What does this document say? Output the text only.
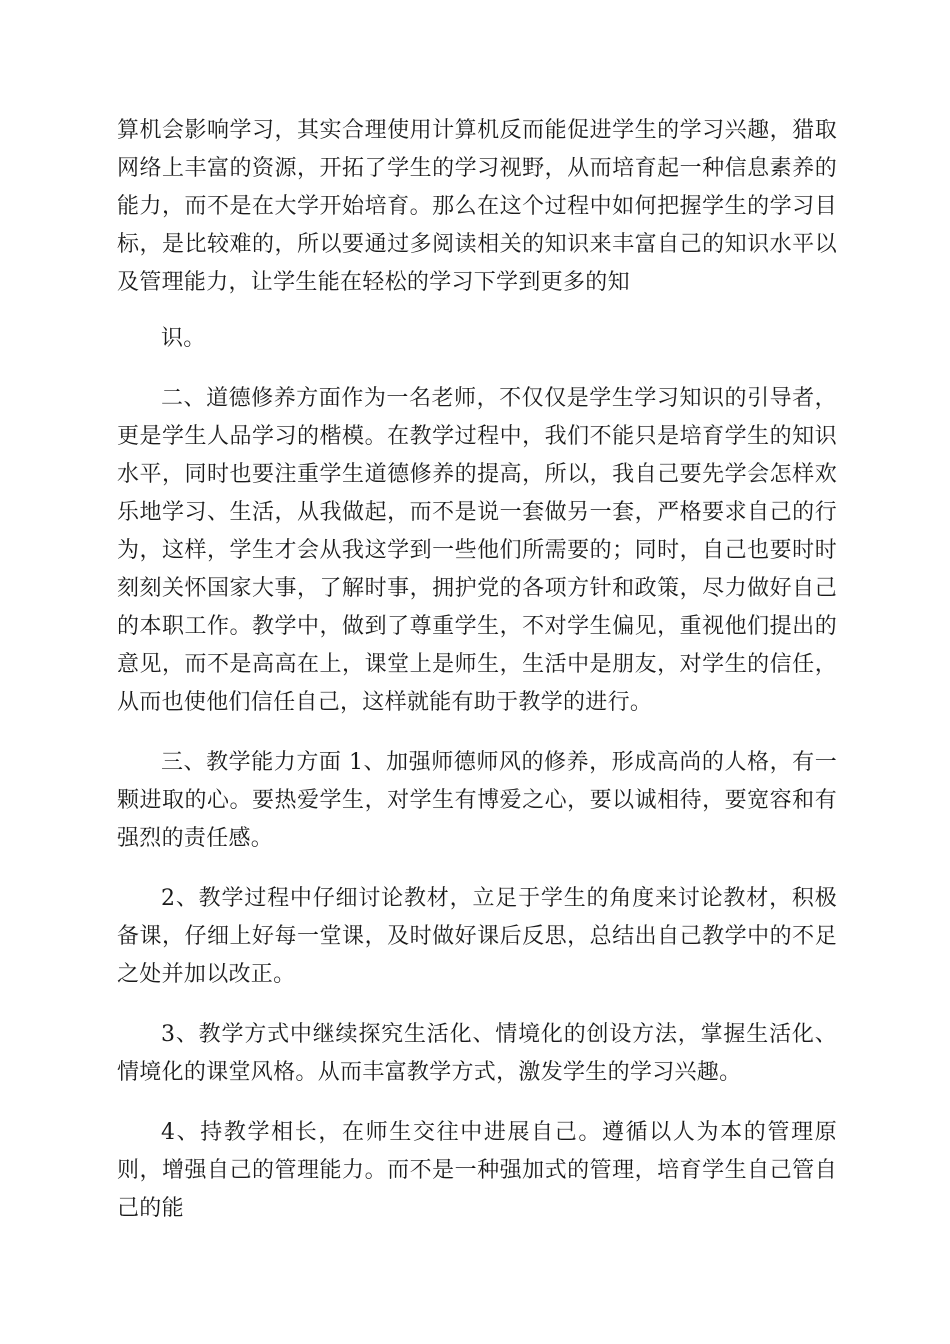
算机会影响学习，其实合理使用计算机反而能促进学生的学习兴趣，猎取网络上丰富的资源，开拓了学生的学习视野，从而培育起一种信息素养的能力，而不是在大学开始培育。那么在这个过程中如何把握学生的学习目标，是比较难的，所以要通过多阅读相关的知识来丰富自己的知识水平以及管理能力，让学生能在轻松的学习下学到更多的知

识。

二、道德修养方面作为一名老师，不仅仅是学生学习知识的引导者，更是学生人品学习的楷模。在教学过程中，我们不能只是培育学生的知识水平，同时也要注重学生道德修养的提高，所以，我自己要先学会怎样欢乐地学习、生活，从我做起，而不是说一套做另一套，严格要求自己的行为，这样，学生才会从我这学到一些他们所需要的；同时，自己也要时时刻刻关怀国家大事，了解时事，拥护党的各项方针和政策，尽力做好自己的本职工作。教学中，做到了尊重学生，不对学生偏见，重视他们提出的意见，而不是高高在上，课堂上是师生，生活中是朋友，对学生的信任，从而也使他们信任自己，这样就能有助于教学的进行。

三、教学能力方面 1、加强师德师风的修养，形成高尚的人格，有一颗进取的心。要热爱学生，对学生有博爱之心，要以诚相待，要宽容和有强烈的责任感。

2、教学过程中仔细讨论教材，立足于学生的角度来讨论教材，积极备课，仔细上好每一堂课，及时做好课后反思，总结出自己教学中的不足之处并加以改正。

3、教学方式中继续探究生活化、情境化的创设方法，掌握生活化、情境化的课堂风格。从而丰富教学方式，激发学生的学习兴趣。

4、持教学相长，在师生交往中进展自己。遵循以人为本的管理原则，增强自己的管理能力。而不是一种强加式的管理，培育学生自己管自己的能
